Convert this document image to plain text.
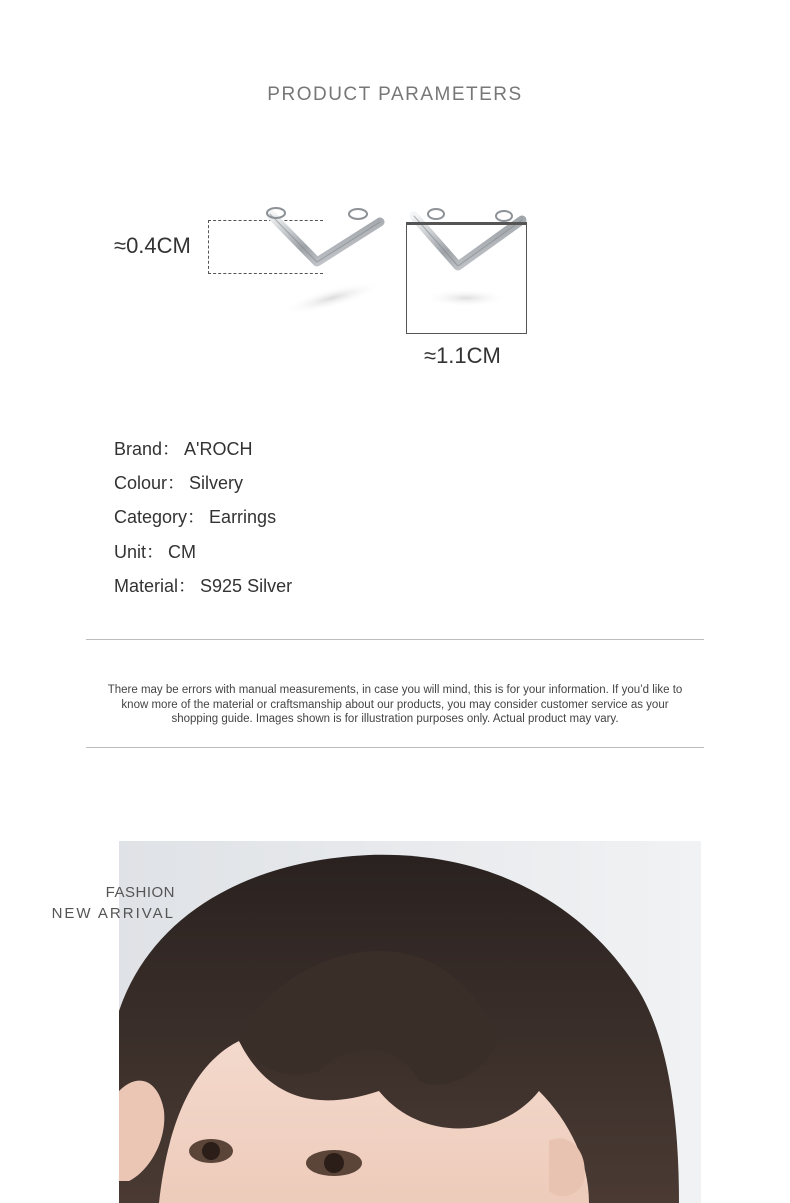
PRODUCT PARAMETERS
≈0.4CM
≈1.1CM
Brand： A'ROCH
Colour： Silvery
Category： Earrings
Unit： CM
Material： S925 Silver
There may be errors with manual measurements, in case you will mind, this is for your information. If you’d like to know more of the material or craftsmanship about our products, you may consider customer service as your shopping guide. Images shown is for illustration purposes only. Actual product may vary.
FASHION
NEW ARRIVAL
